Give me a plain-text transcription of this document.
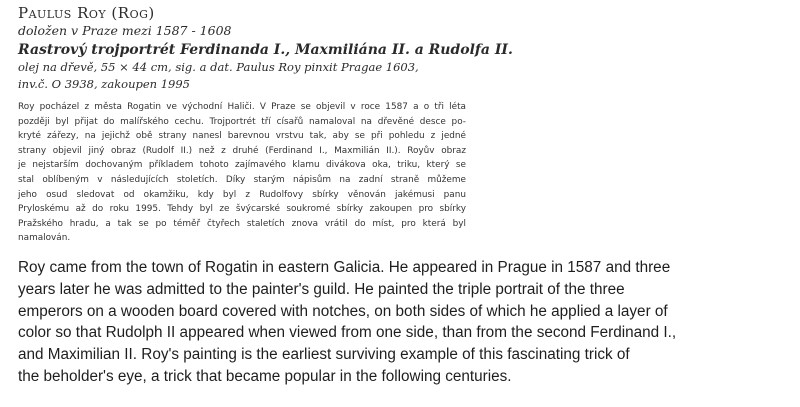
Paulus Roy (Rog)
doložen v Praze mezi 1587 - 1608
Rastrový trojportrét Ferdinanda I., Maxmiliána II. a Rudolfa II.
olej na dřevě, 55 × 44 cm, sig. a dat. Paulus Roy pinxit Pragae 1603,
inv.č. O 3938, zakoupen 1995
Roy pocházel z města Rogatin ve východní Haliči. V Praze se objevil v roce 1587 a o tři léta
později byl přijat do malířského cechu. Trojportrét tří císařů namaloval na dřevěné desce po-
kryté zářezy, na jejichž obě strany nanesl barevnou vrstvu tak, aby se při pohledu z jedné
strany objevil jiný obraz (Rudolf II.) než z druhé (Ferdinand I., Maxmilián II.). Royův obraz
je nejstarším dochovaným příkladem tohoto zajímavého klamu divákova oka, triku, který se
stal oblíbeným v následujících stoletích. Díky starým nápisům na zadní straně můžeme
jeho osud sledovat od okamžiku, kdy byl z Rudolfovy sbírky věnován jakémusi panu
Pryloskému až do roku 1995. Tehdy byl ze švýcarské soukromé sbírky zakoupen pro sbírky
Pražského hradu, a tak se po téměř čtyřech staletích znova vrátil do míst, pro která byl
namalován.
Roy came from the town of Rogatin in eastern Galicia. He appeared in Prague in 1587 and three
years later he was admitted to the painter's guild. He painted the triple portrait of the three
emperors on a wooden board covered with notches, on both sides of which he applied a layer of
color so that Rudolph II appeared when viewed from one side, than from the second Ferdinand I.,
and Maximilian II. Roy's painting is the earliest surviving example of this fascinating trick of
the beholder's eye, a trick that became popular in the following centuries.
